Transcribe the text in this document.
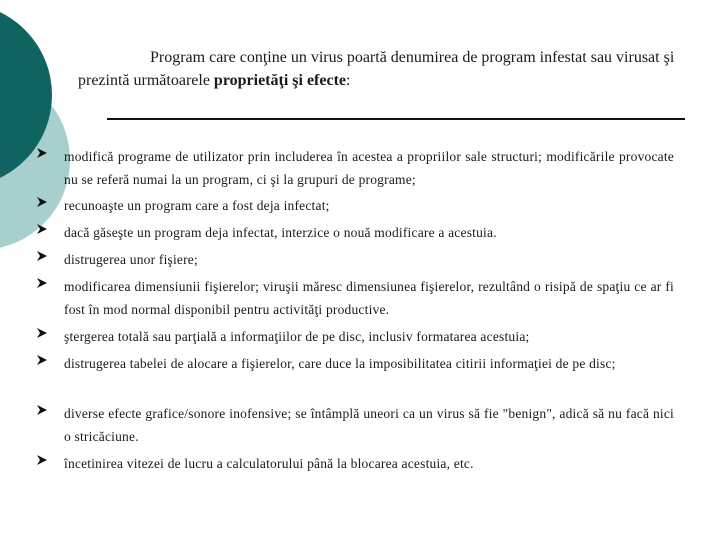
Program care conţine un virus poartă denumirea de program infestat sau virusat şi prezintă următoarele proprietăţi şi efecte:
modifică programe de utilizator prin includerea în acestea a propriilor sale structuri; modificările provocate nu se referă numai la un program, ci şi la grupuri de programe;
recunoaşte un program care a fost deja infectat;
dacă găseşte un program deja infectat, interzice o nouă modificare a acestuia.
distrugerea unor fişiere;
modificarea dimensiunii fişierelor; viruşii măresc dimensiunea fişierelor, rezultând o risipă de spaţiu ce ar fi fost în mod normal disponibil pentru activităţi productive.
ştergerea totală sau parţială a informaţiilor de pe disc, inclusiv formatarea acestuia;
distrugerea tabelei de alocare a fişierelor, care duce la imposibilitatea citirii informaţiei de pe disc;
diverse efecte grafice/sonore inofensive; se întâmplă uneori ca un virus să fie "benign", adică să nu facă nici o stricăciune.
încetinirea vitezei de lucru a calculatorului până la blocarea acestuia, etc.
